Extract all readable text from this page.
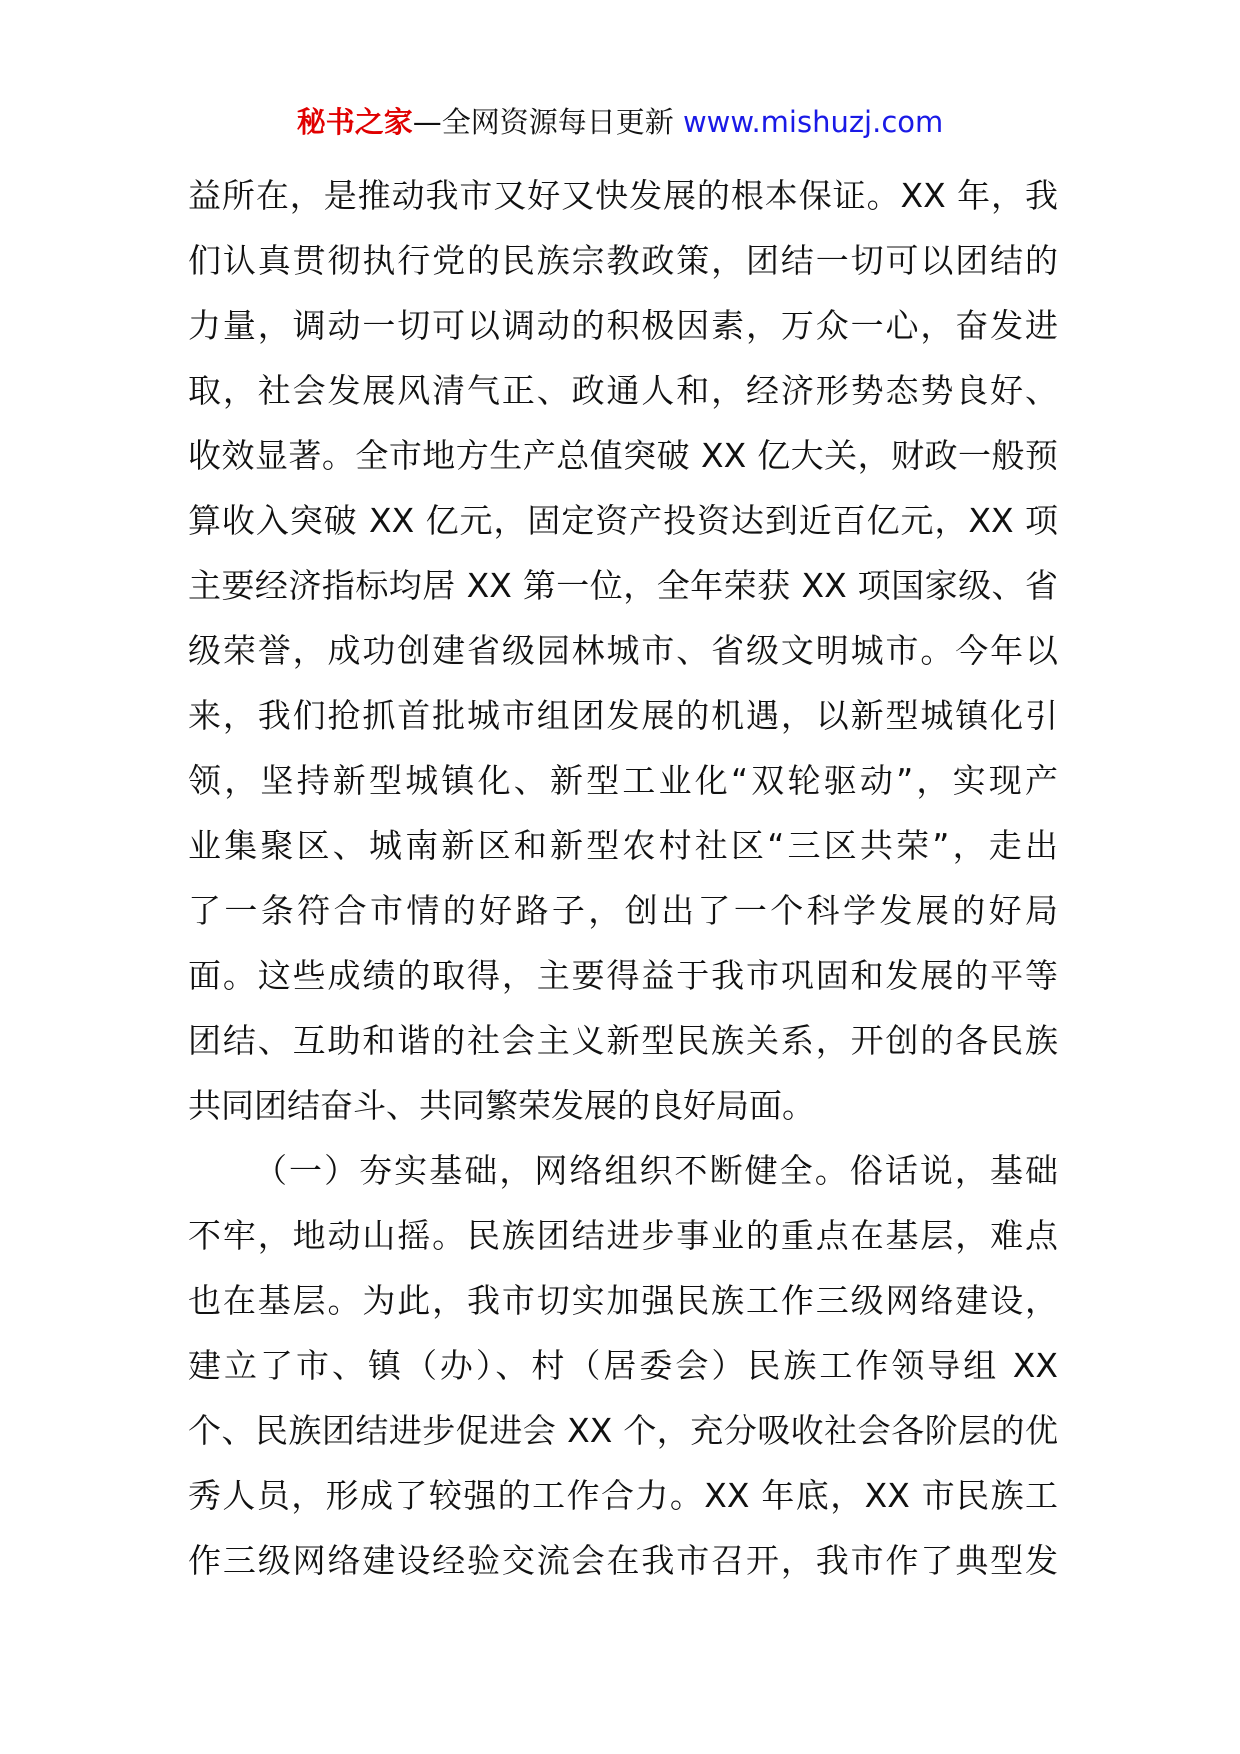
秘书之家—全网资源每日更新 www.mishuzj.com
益所在，是推动我市又好又快发展的根本保证。XX 年，我
们认真贯彻执行党的民族宗教政策，团结一切可以团结的
力量，调动一切可以调动的积极因素，万众一心，奋发进
取，社会发展风清气正、政通人和，经济形势态势良好、
收效显著。全市地方生产总值突破 XX 亿大关，财政一般预
算收入突破 XX 亿元，固定资产投资达到近百亿元，XX 项
主要经济指标均居 XX 第一位，全年荣获 XX 项国家级、省
级荣誉，成功创建省级园林城市、省级文明城市。今年以
来，我们抢抓首批城市组团发展的机遇，以新型城镇化引
领，坚持新型城镇化、新型工业化“双轮驱动”，实现产
业集聚区、城南新区和新型农村社区“三区共荣”，走出
了一条符合市情的好路子，创出了一个科学发展的好局
面。这些成绩的取得，主要得益于我市巩固和发展的平等
团结、互助和谐的社会主义新型民族关系，开创的各民族
共同团结奋斗、共同繁荣发展的良好局面。
（一）夯实基础，网络组织不断健全。俗话说，基础
不牢，地动山摇。民族团结进步事业的重点在基层，难点
也在基层。为此，我市切实加强民族工作三级网络建设，
建立了市、镇（办）、村（居委会）民族工作领导组 XX
个、民族团结进步促进会 XX 个，充分吸收社会各阶层的优
秀人员，形成了较强的工作合力。XX 年底，XX 市民族工
作三级网络建设经验交流会在我市召开，我市作了典型发
